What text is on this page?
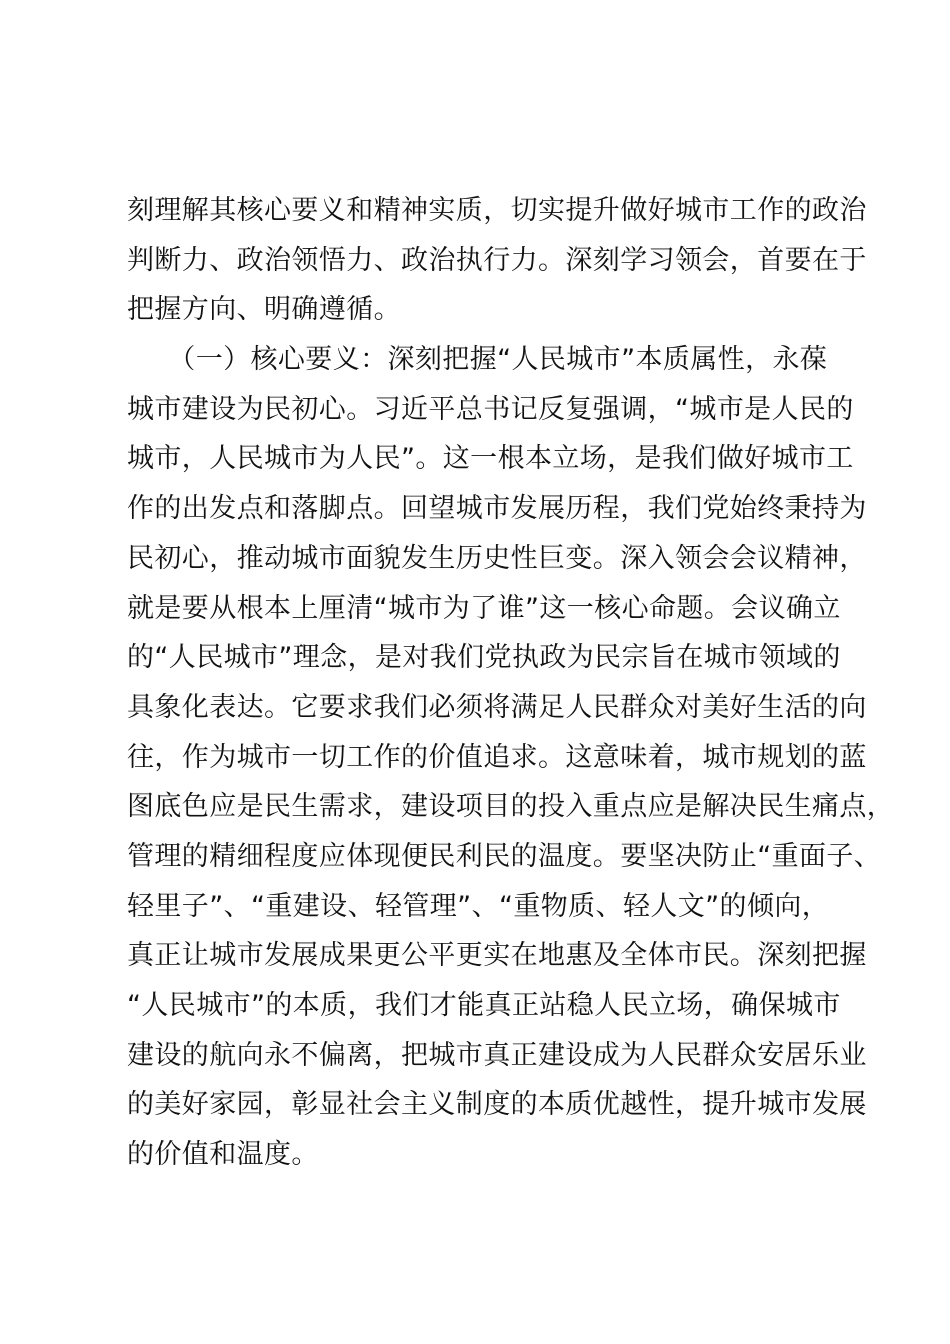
刻理解其核心要义和精神实质，切实提升做好城市工作的政治
判断力、政治领悟力、政治执行力。深刻学习领会，首要在于
把握方向、明确遵循。
　　（一）核心要义：深刻把握“人民城市”本质属性，永葆
城市建设为民初心。习近平总书记反复强调，“城市是人民的
城市，人民城市为人民”。这一根本立场，是我们做好城市工
作的出发点和落脚点。回望城市发展历程，我们党始终秉持为
民初心，推动城市面貌发生历史性巨变。深入领会会议精神，
就是要从根本上厘清“城市为了谁”这一核心命题。会议确立
的“人民城市”理念，是对我们党执政为民宗旨在城市领域的
具象化表达。它要求我们必须将满足人民群众对美好生活的向
往，作为城市一切工作的价值追求。这意味着，城市规划的蓝
图底色应是民生需求，建设项目的投入重点应是解决民生痛点，
管理的精细程度应体现便民利民的温度。要坚决防止“重面子、
轻里子”、“重建设、轻管理”、“重物质、轻人文”的倾向，
真正让城市发展成果更公平更实在地惠及全体市民。深刻把握
“人民城市”的本质，我们才能真正站稳人民立场，确保城市
建设的航向永不偏离，把城市真正建设成为人民群众安居乐业
的美好家园，彰显社会主义制度的本质优越性，提升城市发展
的价值和温度。
